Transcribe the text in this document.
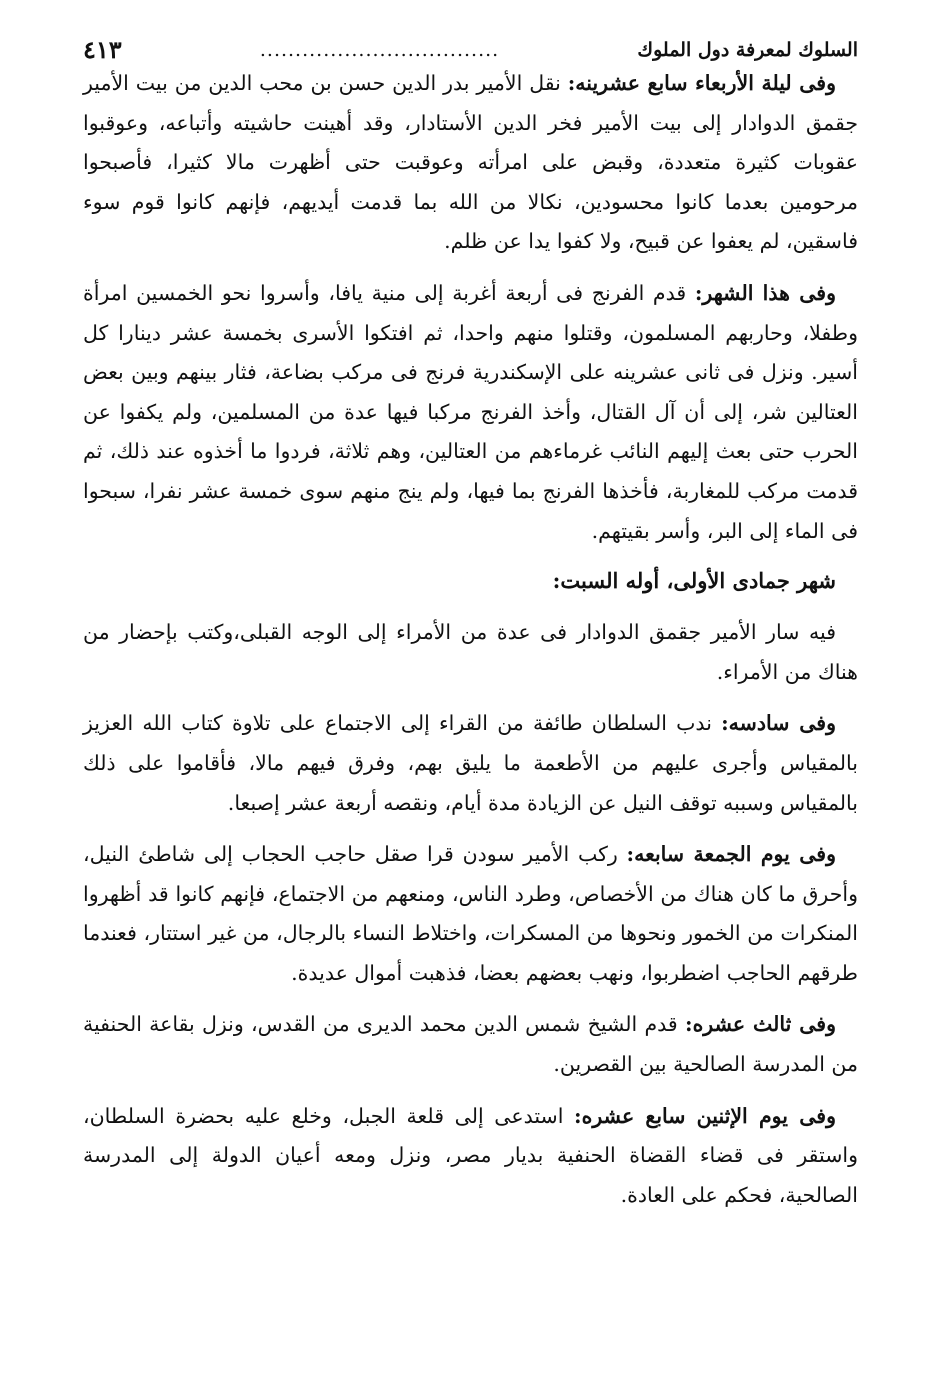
السلوك لمعرفة دول الملوك
..................................
٤١٣

وفى ليلة الأربعاء سابع عشرينه: نقل الأمير بدر الدين حسن بن محب الدين من بيت الأمير جقمق الدوادار إلى بيت الأمير فخر الدين الأستادار، وقد أهينت حاشيته وأتباعه، وعوقبوا عقوبات كثيرة متعددة، وقبض على امرأته وعوقبت حتى أظهرت مالا كثيرا، فأصبحوا مرحومين بعدما كانوا محسودين، نكالا من الله بما قدمت أيديهم، فإنهم كانوا قوم سوء فاسقين، لم يعفوا عن قبيح، ولا كفوا يدا عن ظلم.

وفى هذا الشهر: قدم الفرنج فى أربعة أغربة إلى منية يافا، وأسروا نحو الخمسين امرأة وطفلا، وحاربهم المسلمون، وقتلوا منهم واحدا، ثم افتكوا الأسرى بخمسة عشر دينارا كل أسير. ونزل فى ثانى عشرينه على الإسكندرية فرنج فى مركب بضاعة، فثار بينهم وبين بعض العتالين شر، إلى أن آل القتال، وأخذ الفرنج مركبا فيها عدة من المسلمين، ولم يكفوا عن الحرب حتى بعث إليهم النائب غرماءهم من العتالين، وهم ثلاثة، فردوا ما أخذوه عند ذلك، ثم قدمت مركب للمغاربة، فأخذها الفرنج بما فيها، ولم ينج منهم سوى خمسة عشر نفرا، سبحوا فى الماء إلى البر، وأسر بقيتهم.

شهر جمادى الأولى، أوله السبت:

فيه سار الأمير جقمق الدوادار فى عدة من الأمراء إلى الوجه القبلى،وكتب بإحضار من هناك من الأمراء.

وفى سادسه: ندب السلطان طائفة من القراء إلى الاجتماع على تلاوة كتاب الله العزيز بالمقياس وأجرى عليهم من الأطعمة ما يليق بهم، وفرق فيهم مالا، فأقاموا على ذلك بالمقياس وسببه توقف النيل عن الزيادة مدة أيام، ونقصه أربعة عشر إصبعا.

وفى يوم الجمعة سابعه: ركب الأمير سودن قرا صقل حاجب الحجاب إلى شاطئ النيل، وأحرق ما كان هناك من الأخصاص، وطرد الناس، ومنعهم من الاجتماع، فإنهم كانوا قد أظهروا المنكرات من الخمور ونحوها من المسكرات، واختلاط النساء بالرجال، من غير استتار، فعندما طرقهم الحاجب اضطربوا، ونهب بعضهم بعضا، فذهبت أموال عديدة.

وفى ثالث عشره: قدم الشيخ شمس الدين محمد الديرى من القدس، ونزل بقاعة الحنفية من المدرسة الصالحية بين القصرين.

وفى يوم الإثنين سابع عشره: استدعى إلى قلعة الجبل، وخلع عليه بحضرة السلطان، واستقر فى قضاء القضاة الحنفية بديار مصر، ونزل ومعه أعيان الدولة إلى المدرسة الصالحية، فحكم على العادة.
